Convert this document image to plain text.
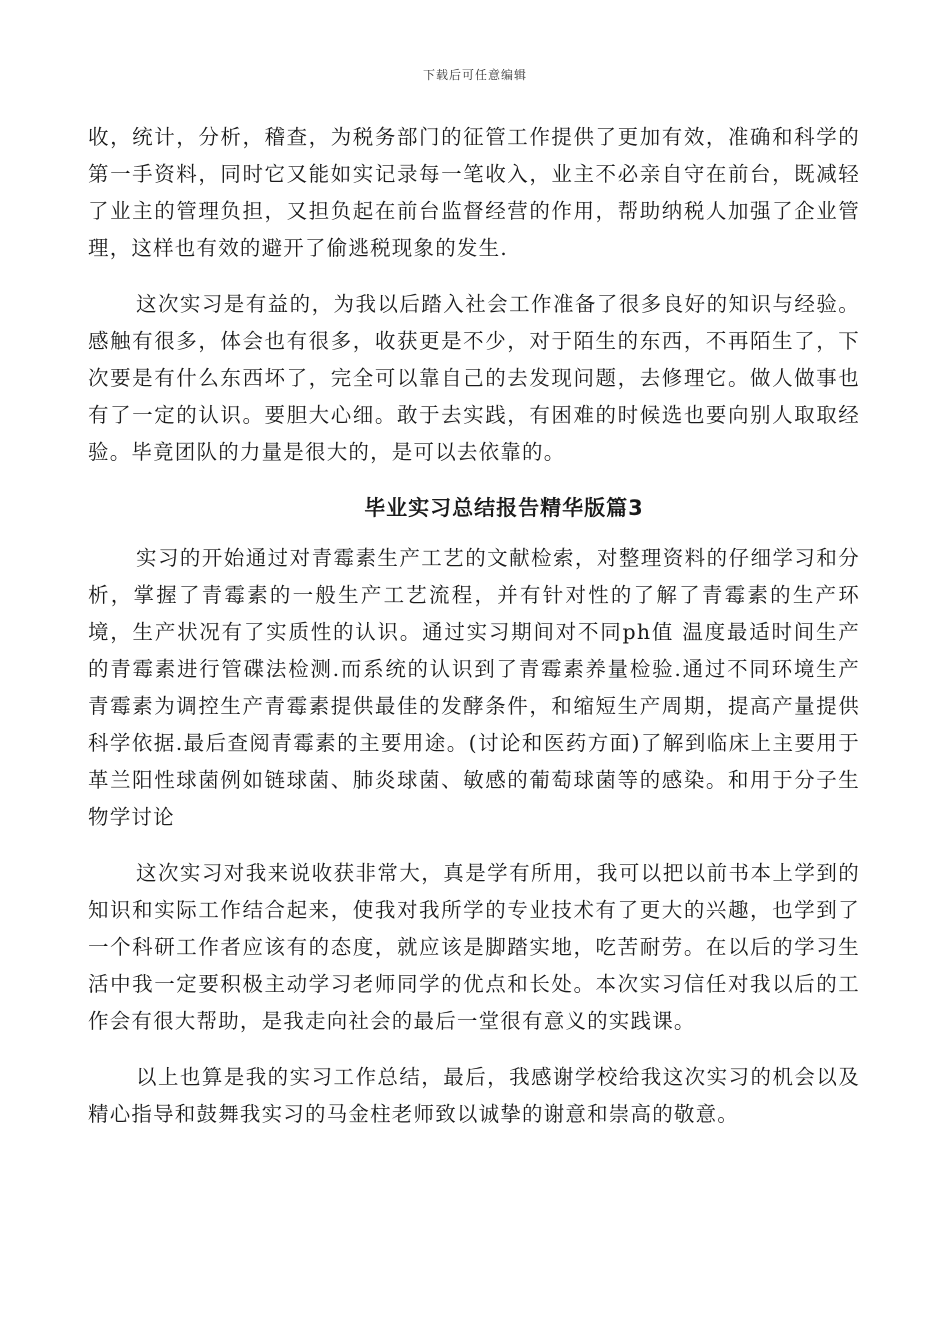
下载后可任意编辑

收，统计，分析，稽查，为税务部门的征管工作提供了更加有效，准确和科学的第一手资料，同时它又能如实记录每一笔收入，业主不必亲自守在前台，既减轻了业主的管理负担，又担负起在前台监督经营的作用，帮助纳税人加强了企业管理，这样也有效的避开了偷逃税现象的发生.

这次实习是有益的，为我以后踏入社会工作准备了很多良好的知识与经验。 感触有很多，体会也有很多，收获更是不少，对于陌生的东西，不再陌生了，下次要是有什么东西坏了，完全可以靠自己的去发现问题，去修理它。做人做事也有了一定的认识。要胆大心细。敢于去实践，有困难的时候选也要向别人取取经验。毕竟团队的力量是很大的，是可以去依靠的。

毕业实习总结报告精华版篇3

实习的开始通过对青霉素生产工艺的文献检索，对整理资料的仔细学习和分析，掌握了青霉素的一般生产工艺流程，并有针对性的了解了青霉素的生产环境，生产状况有了实质性的认识。通过实习期间对不同ph值 温度最适时间生产的青霉素进行管碟法检测.而系统的认识到了青霉素养量检验.通过不同环境生产青霉素为调控生产青霉素提供最佳的发酵条件，和缩短生产周期，提高产量提供科学依据.最后查阅青霉素的主要用途。(讨论和医药方面)了解到临床上主要用于革兰阳性球菌例如链球菌、肺炎球菌、敏感的葡萄球菌等的感染。和用于分子生物学讨论

这次实习对我来说收获非常大，真是学有所用，我可以把以前书本上学到的知识和实际工作结合起来，使我对我所学的专业技术有了更大的兴趣，也学到了一个科研工作者应该有的态度，就应该是脚踏实地，吃苦耐劳。在以后的学习生活中我一定要积极主动学习老师同学的优点和长处。本次实习信任对我以后的工作会有很大帮助，是我走向社会的最后一堂很有意义的实践课。

以上也算是我的实习工作总结，最后，我感谢学校给我这次实习的机会以及精心指导和鼓舞我实习的马金柱老师致以诚挚的谢意和崇高的敬意。
